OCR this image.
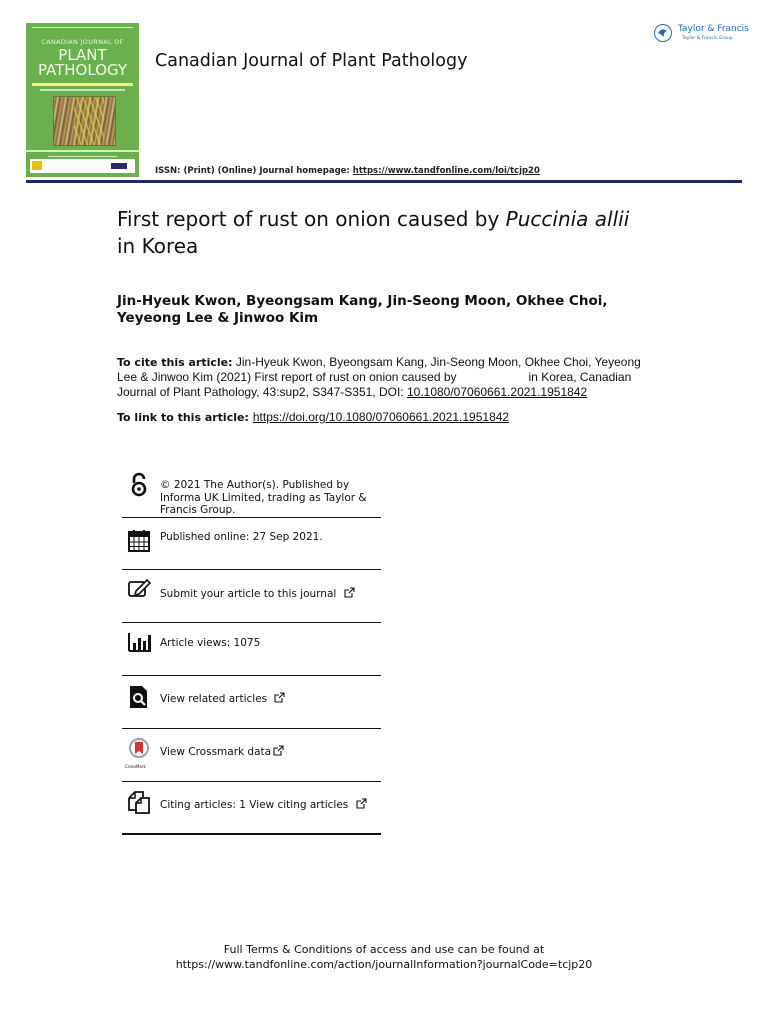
CANADIAN JOURNAL OF
PLANT
PATHOLOGY	Canadian Journal of Plant Pathology
Taylor & Francis
Taylor & Francis Group
ISSN: (Print) (Online) Journal homepage: https://www.tandfonline.com/loi/tcjp20
First report of rust on onion caused by Puccinia allii
in Korea
Jin-Hyeuk Kwon, Byeongsam Kang, Jin-Seong Moon, Okhee Choi, Yeyeong Lee & Jinwoo Kim
To cite this article: Jin-Hyeuk Kwon, Byeongsam Kang, Jin-Seong Moon, Okhee Choi, Yeyeong Lee & Jinwoo Kim (2021) First report of rust on onion caused by	in Korea, Canadian Journal of Plant Pathology, 43:sup2, S347-S351, DOI: 10.1080/07060661.2021.1951842
To link to this article: https://doi.org/10.1080/07060661.2021.1951842
© 2021 The Author(s). Published by Informa UK Limited, trading as Taylor & Francis Group.
Published online: 27 Sep 2021.
Submit your article to this journal
Article views: 1075
View related articles
CrossMark
View Crossmark data
Citing articles: 1 View citing articles
Full Terms & Conditions of access and use can be found at
https://www.tandfonline.com/action/journalInformation?journalCode=tcjp20
